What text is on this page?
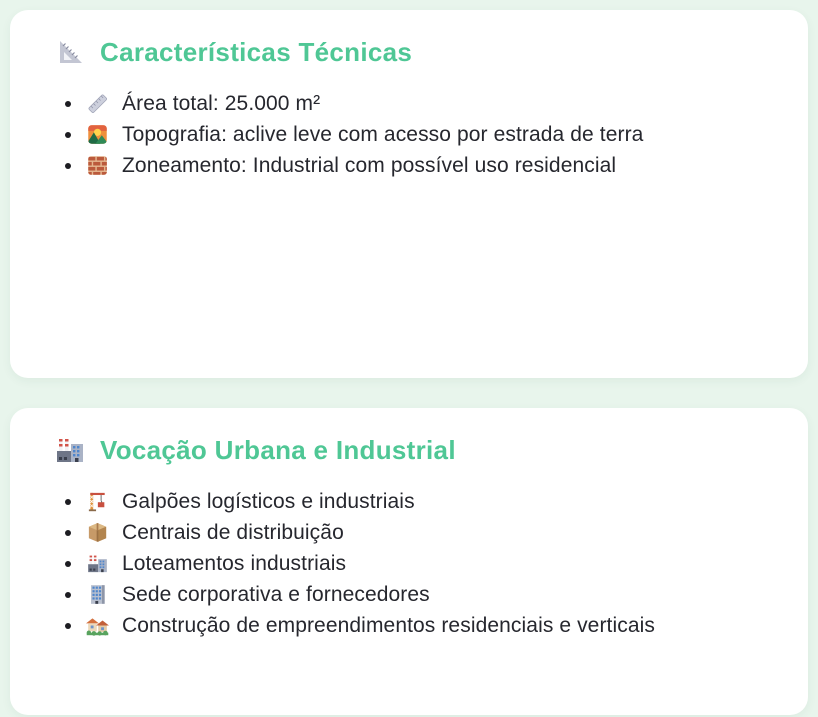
Características Técnicas
Área total: 25.000 m²
Topografia: aclive leve com acesso por estrada de terra
Zoneamento: Industrial com possível uso residencial
Vocação Urbana e Industrial
Galpões logísticos e industriais
Centrais de distribuição
Loteamentos industriais
Sede corporativa e fornecedores
Construção de empreendimentos residenciais e verticais
